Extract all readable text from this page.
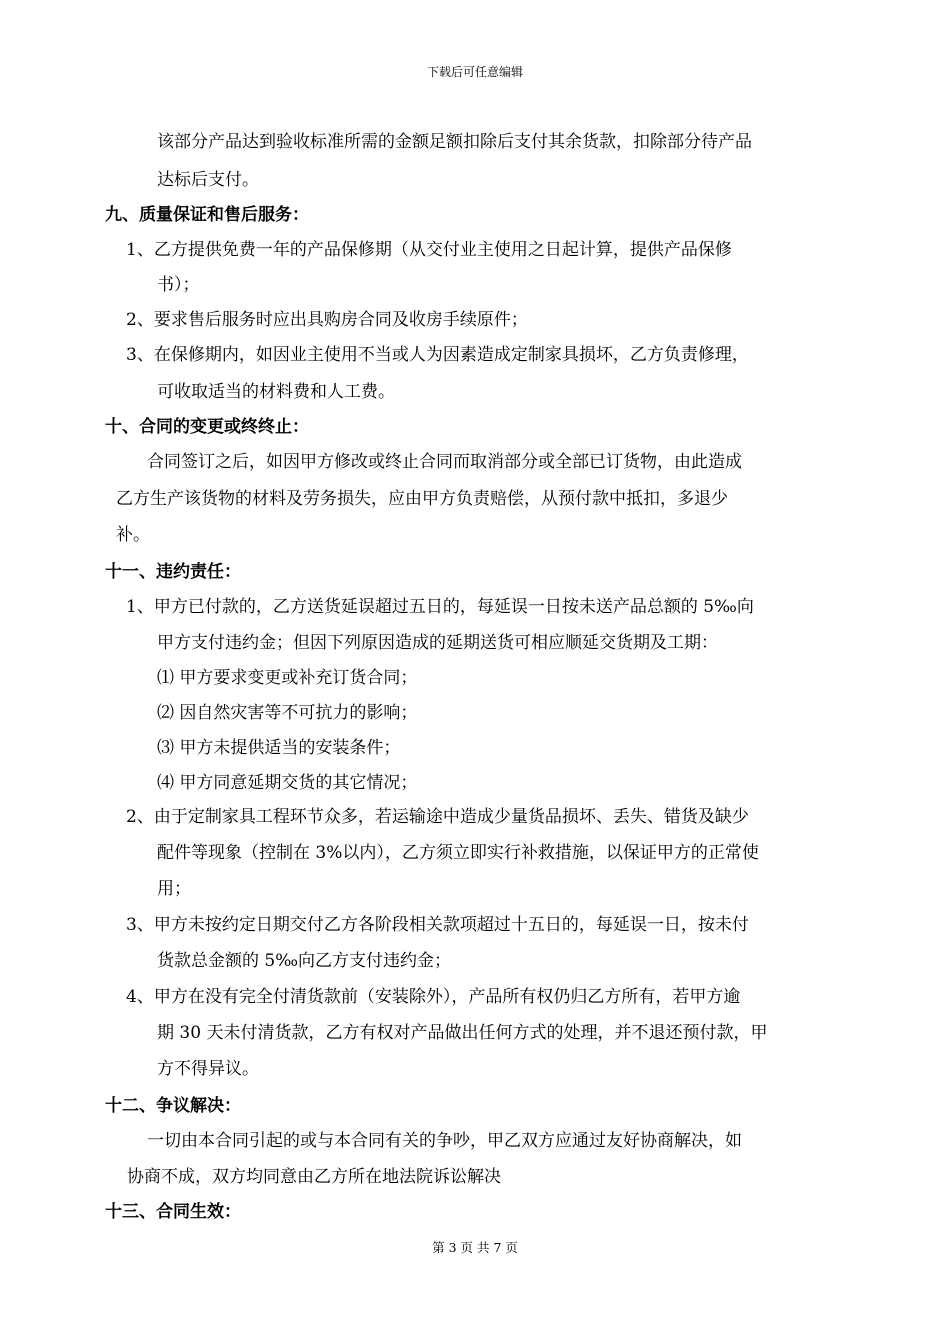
下载后可任意编辑
该部分产品达到验收标准所需的金额足额扣除后支付其余货款，扣除部分待产品
达标后支付。
九、质量保证和售后服务：
1、乙方提供免费一年的产品保修期（从交付业主使用之日起计算，提供产品保修
书）；
2、要求售后服务时应出具购房合同及收房手续原件；
3、在保修期内，如因业主使用不当或人为因素造成定制家具损坏，乙方负责修理，
可收取适当的材料费和人工费。
十、合同的变更或终终止：
合同签订之后，如因甲方修改或终止合同而取消部分或全部已订货物，由此造成
乙方生产该货物的材料及劳务损失，应由甲方负责赔偿，从预付款中抵扣，多退少
补。
十一、违约责任：
1、甲方已付款的，乙方送货延误超过五日的，每延误一日按未送产品总额的 5‰向
甲方支付违约金；但因下列原因造成的延期送货可相应顺延交货期及工期：
⑴ 甲方要求变更或补充订货合同；
⑵ 因自然灾害等不可抗力的影响；
⑶ 甲方未提供适当的安装条件；
⑷ 甲方同意延期交货的其它情况；
2、由于定制家具工程环节众多，若运输途中造成少量货品损坏、丢失、错货及缺少
配件等现象（控制在 3%以内），乙方须立即实行补救措施，以保证甲方的正常使
用；
3、甲方未按约定日期交付乙方各阶段相关款项超过十五日的，每延误一日，按未付
货款总金额的 5‰向乙方支付违约金；
4、甲方在没有完全付清货款前（安装除外），产品所有权仍归乙方所有，若甲方逾
期 30 天未付清货款，乙方有权对产品做出任何方式的处理，并不退还预付款，甲
方不得异议。
十二、争议解决：
一切由本合同引起的或与本合同有关的争吵，甲乙双方应通过友好协商解决，如
协商不成，双方均同意由乙方所在地法院诉讼解决
十三、合同生效：
第 3 页 共 7 页
